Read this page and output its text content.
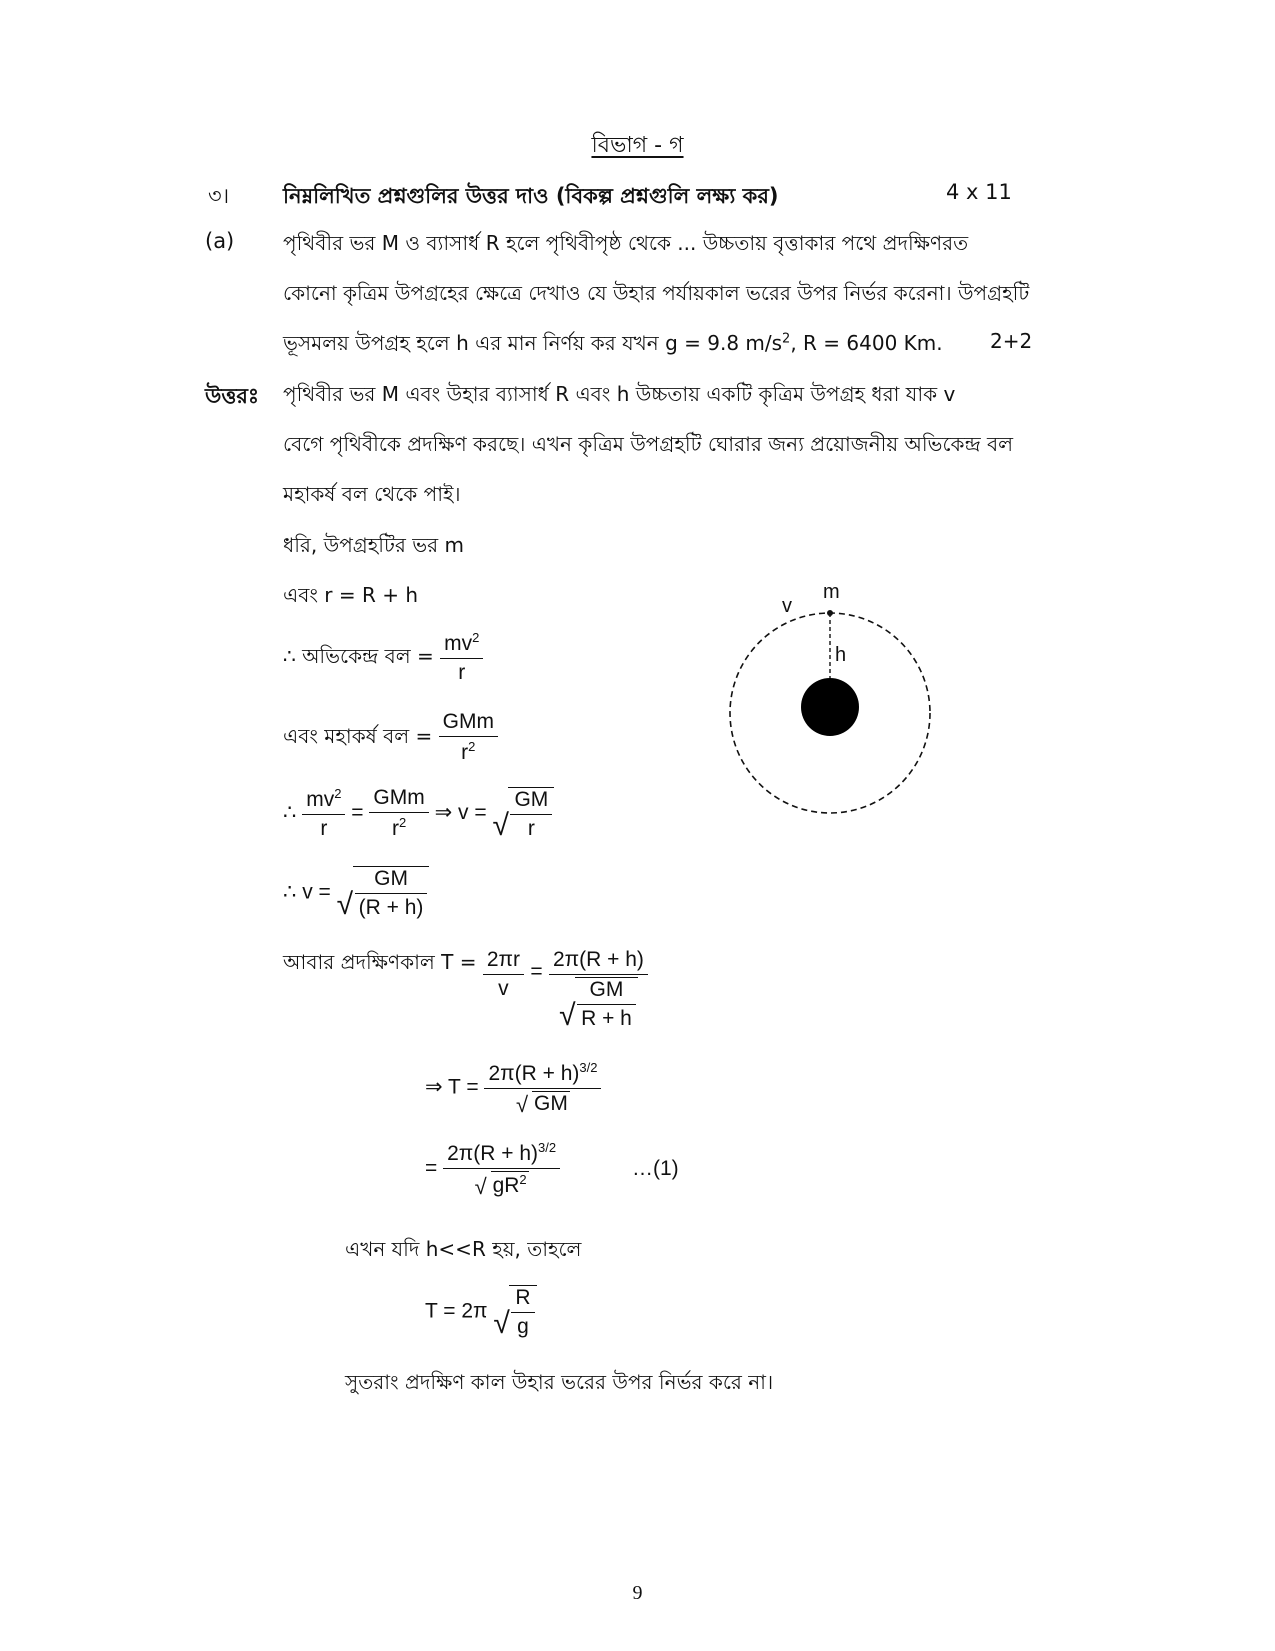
বিভাগ - গ
৩।	নিম্নলিখিত প্রশ্নগুলির উত্তর দাও (বিকল্প প্রশ্নগুলি লক্ষ্য কর)	4 x 11
(a) পৃথিবীর ভর M ও ব্যাসার্ধ R হলে পৃথিবীপৃষ্ঠ থেকে ... উচ্চতায় বৃত্তাকার পথে প্রদক্ষিণরত
কোনো কৃত্রিম উপগ্রহের ক্ষেত্রে দেখাও যে উহার পর্যায়কাল ভরের উপর নির্ভর করেনা। উপগ্রহটি
ভূসমলয় উপগ্রহ হলে h এর মান নির্ণয় কর যখন g = 9.8 $m/s^2$, R = 6400 Km. 2+2
উত্তরঃ পৃথিবীর ভর M এবং উহার ব্যাসার্ধ R এবং h উচ্চতায় একটি কৃত্রিম উপগ্রহ ধরা যাক v
বেগে পৃথিবীকে প্রদক্ষিণ করছে। এখন কৃত্রিম উপগ্রহটি ঘোরার জন্য প্রয়োজনীয় অভিকেন্দ্র বল
মহাকর্ষ বল থেকে পাই।
ধরি, উপগ্রহটির ভর m
এবং r = R + h
∴ অভিকেন্দ্র বল = $\frac{mv^2}{r}$
এবং মহাকর্ষ বল = $\frac{\text{GMm}}{r^2}$
∴ $\frac{mv^2}{r} = \frac{\text{GMm}}{r^2}$ ⇒ v = √ $\frac{GM}{r}$
∴ v = √ $\frac{GM}{(R + h)}$
আবার প্রদক্ষিণকাল $T = \frac{2\pi r}{v} = \frac{2\pi(R + h)}{√ \frac{GM}{R + h}}$
⇒ $T = \frac{2\pi(R + h)^{3/2}}{√ GM}$
= $\frac{2\pi(R + h)^{3/2}}{√ gR^2}$	…(1)
এখন যদি h<<R হয়, তাহলে
T = 2π √ $\frac{R}{g}$
সুতরাং প্রদক্ষিণ কাল উহার ভরের উপর নির্ভর করে না।
m
v
h
9
